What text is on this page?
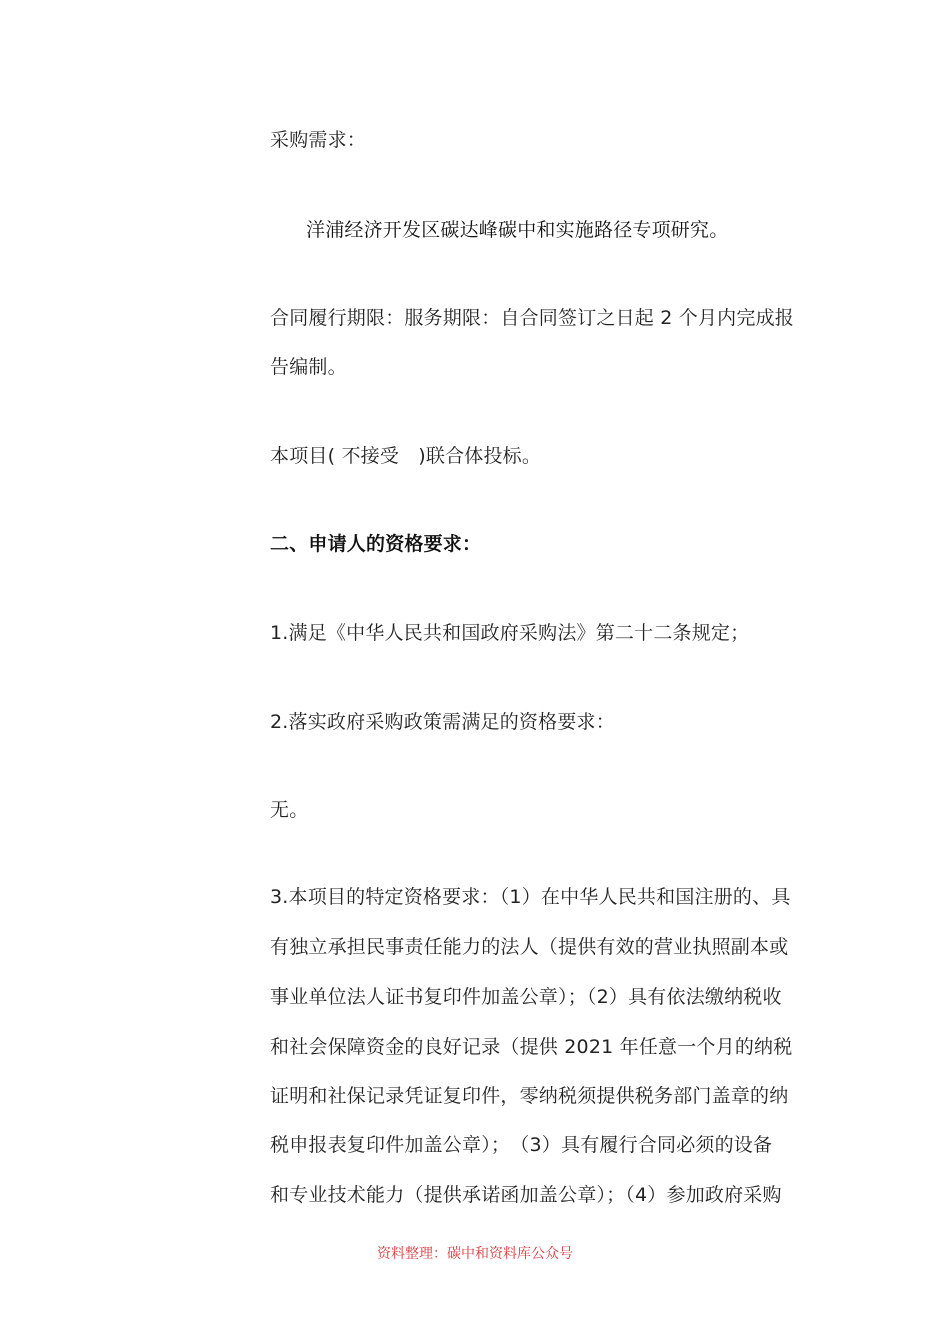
采购需求：
洋浦经济开发区碳达峰碳中和实施路径专项研究。
合同履行期限：服务期限：自合同签订之日起 2 个月内完成报
告编制。
本项目( 不接受　)联合体投标。
二、申请人的资格要求：
1.满足《中华人民共和国政府采购法》第二十二条规定；
2.落实政府采购政策需满足的资格要求：
无。
3.本项目的特定资格要求：（1）在中华人民共和国注册的、具
有独立承担民事责任能力的法人（提供有效的营业执照副本或
事业单位法人证书复印件加盖公章）；（2）具有依法缴纳税收
和社会保障资金的良好记录（提供 2021 年任意一个月的纳税
证明和社保记录凭证复印件，零纳税须提供税务部门盖章的纳
税申报表复印件加盖公章）；　（3）具有履行合同必须的设备
和专业技术能力（提供承诺函加盖公章）；（4）参加政府采购
资料整理：碳中和资料库公众号
